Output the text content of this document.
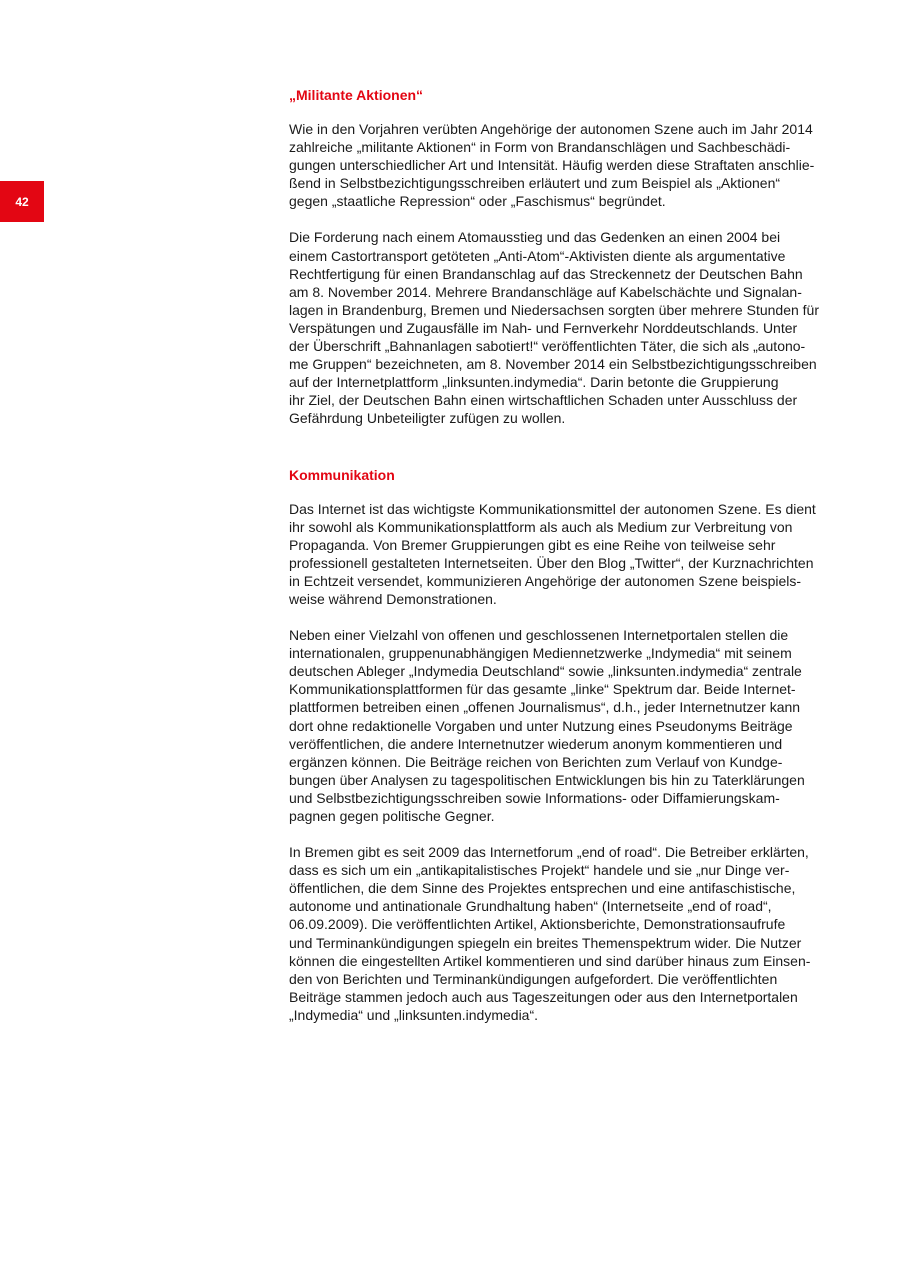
42
„Militante Aktionen“

Wie in den Vorjahren verübten Angehörige der autonomen Szene auch im Jahr 2014
zahlreiche „militante Aktionen“ in Form von Brandanschlägen und Sachbeschädi-
gungen unterschiedlicher Art und Intensität. Häufig werden diese Straftaten anschlie-
ßend in Selbstbezichtigungsschreiben erläutert und zum Beispiel als „Aktionen“
gegen „staatliche Repression“ oder „Faschismus“ begründet.

Die Forderung nach einem Atomausstieg und das Gedenken an einen 2004 bei
einem Castortransport getöteten „Anti-Atom“-Aktivisten diente als argumentative
Rechtfertigung für einen Brandanschlag auf das Streckennetz der Deutschen Bahn
am 8. November 2014. Mehrere Brandanschläge auf Kabelschächte und Signalan-
lagen in Brandenburg, Bremen und Niedersachsen sorgten über mehrere Stunden für
Verspätungen und Zugausfälle im Nah- und Fernverkehr Norddeutschlands. Unter
der Überschrift „Bahnanlagen sabotiert!“ veröffentlichten Täter, die sich als „autono-
me Gruppen“ bezeichneten, am 8. November 2014 ein Selbstbezichtigungsschreiben
auf der Internetplattform „linksunten.indymedia“. Darin betonte die Gruppierung
ihr Ziel, der Deutschen Bahn einen wirtschaftlichen Schaden unter Ausschluss der
Gefährdung Unbeteiligter zufügen zu wollen.

Kommunikation

Das Internet ist das wichtigste Kommunikationsmittel der autonomen Szene. Es dient
ihr sowohl als Kommunikationsplattform als auch als Medium zur Verbreitung von
Propaganda. Von Bremer Gruppierungen gibt es eine Reihe von teilweise sehr
professionell gestalteten Internetseiten. Über den Blog „Twitter“, der Kurznachrichten
in Echtzeit versendet, kommunizieren Angehörige der autonomen Szene beispiels-
weise während Demonstrationen.

Neben einer Vielzahl von offenen und geschlossenen Internetportalen stellen die
internationalen, gruppenunabhängigen Mediennetzwerke „Indymedia“ mit seinem
deutschen Ableger „Indymedia Deutschland“ sowie „linksunten.indymedia“ zentrale
Kommunikationsplattformen für das gesamte „linke“ Spektrum dar. Beide Internet-
plattformen betreiben einen „offenen Journalismus“, d.h., jeder Internetnutzer kann
dort ohne redaktionelle Vorgaben und unter Nutzung eines Pseudonyms Beiträge
veröffentlichen, die andere Internetnutzer wiederum anonym kommentieren und
ergänzen können. Die Beiträge reichen von Berichten zum Verlauf von Kundge-
bungen über Analysen zu tagespolitischen Entwicklungen bis hin zu Taterklärungen
und Selbstbezichtigungsschreiben sowie Informations- oder Diffamierungskam-
pagnen gegen politische Gegner.

In Bremen gibt es seit 2009 das Internetforum „end of road“. Die Betreiber erklärten,
dass es sich um ein „antikapitalistisches Projekt“ handele und sie „nur Dinge ver-
öffentlichen, die dem Sinne des Projektes entsprechen und eine antifaschistische,
autonome und antinationale Grundhaltung haben“ (Internetseite „end of road“,
06.09.2009). Die veröffentlichten Artikel, Aktionsberichte, Demonstrationsaufrufe
und Terminankündigungen spiegeln ein breites Themenspektrum wider. Die Nutzer
können die eingestellten Artikel kommentieren und sind darüber hinaus zum Einsen-
den von Berichten und Terminankündigungen aufgefordert. Die veröffentlichten
Beiträge stammen jedoch auch aus Tageszeitungen oder aus den Internetportalen
„Indymedia“ und „linksunten.indymedia“.
